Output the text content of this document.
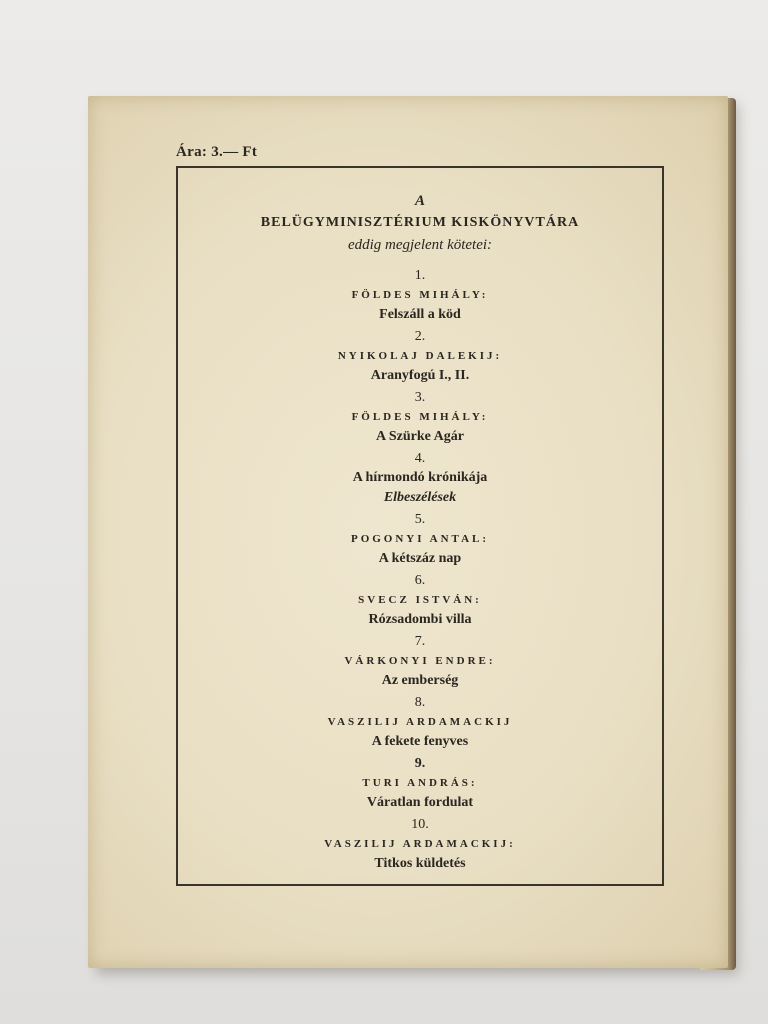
Ára: 3.— Ft

A

BELÜGYMINISZTÉRIUM KISKÖNYVTÁRA

eddig megjelent kötetei:

1.
FÖLDES MIHÁLY:
Felszáll a köd
2.
NYIKOLAJ DALEKIJ:
Aranyfogú I., II.
3.
FÖLDES MIHÁLY:
A Szürke Agár
4.
A hírmondó krónikája
Elbeszélések
5.
POGONYI ANTAL:
A kétszáz nap
6.
SVECZ ISTVÁN:
Rózsadombi villa
7.
VÁRKONYI ENDRE:
Az emberség
8.
VASZILIJ ARDAMACKIJ
A fekete fenyves
9.
TURI ANDRÁS:
Váratlan fordulat
10.
VASZILIJ ARDAMACKIJ:
Titkos küldetés
